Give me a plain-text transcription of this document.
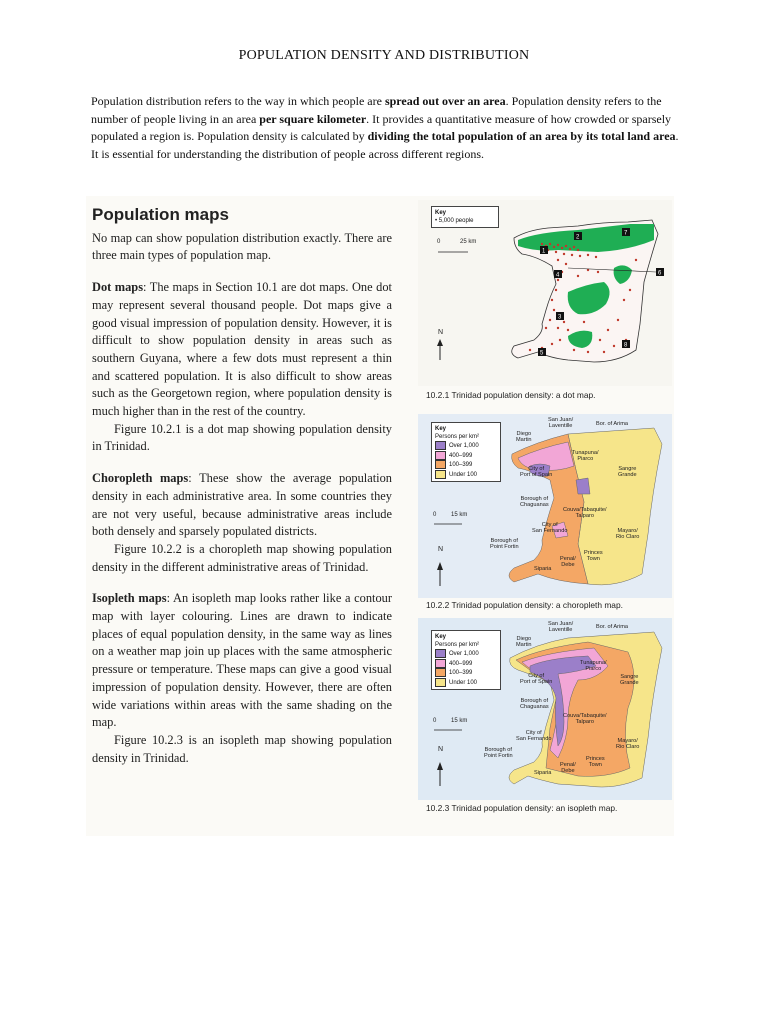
POPULATION DENSITY AND DISTRIBUTION
Population distribution refers to the way in which people are spread out over an area. Population density refers to the number of people living in an area per square kilometer. It provides a quantitative measure of how crowded or sparsely populated a region is. Population density is calculated by dividing the total population of an area by its total land area. It is essential for understanding the distribution of people across different regions.
Population maps

No map can show population distribution exactly. There are three main types of population map.

Dot maps: The maps in Section 10.1 are dot maps. One dot may represent several thousand people. Dot maps give a good visual impression of population density. However, it is difficult to show population density in areas such as southern Guyana, where a few dots must represent a thin and scattered population. It is also difficult to show areas such as the Georgetown region, where population density is much higher than in the rest of the country.

Figure 10.2.1 is a dot map showing population density in Trinidad.

Choropleth maps: These show the average population density in each administrative area. In some countries they are not very useful, because administrative areas include both densely and sparsely populated districts.

Figure 10.2.2 is a choropleth map showing population density in the different administrative areas of Trinidad.

Isopleth maps: An isopleth map looks rather like a contour map with layer colouring. Lines are drawn to indicate places of equal population density, in the same way as lines on a weather map join up places with the same atmospheric pressure or temperature. These maps can give a good visual impression of population density. However, there are often wide variations within areas with the same shading on the map.

Figure 10.2.3 is an isopleth map showing population density in Trinidad.

1
2
3
4
5
6
7
8
Key
• 5,000 people
0	25 km
N
10.2.1 Trinidad population density: a dot map.
Key
Persons per km²
Over 1,000
400–999
100–399
Under 100
0 15 km
N
San Juan/
Laventille	Bor. of Arima
Diego
Martin
Tunapuna/
Piarco
City of
Port of Spain
Sangre
Grande
Borough of
Chaguanas
Couva/Tabaquite/
Talparo
City of
San Fernando	Mayaro/
Rio Claro
Borough of
Point Fortin
Penal/
Debe
Princes
Town
Siparia
10.2.2 Trinidad population density: a choropleth map.
Key
Persons per km²
Over 1,000
400–999
100–399
Under 100
0 15 km
N
San Juan/
Laventille
Bor. of Arima
Diego
Martin
Tunapuna/
Piarco
City of
Port of Spain
Sangre
Grande
Borough of
Chaguanas
Couva/Tabaquite/
Talparo
City of
San Fernando	Mayaro/
Rio Claro
Borough of
Point Fortin
Penal/
Debe
Princes
Town
Siparia
10.2.3 Trinidad population density: an isopleth map.
